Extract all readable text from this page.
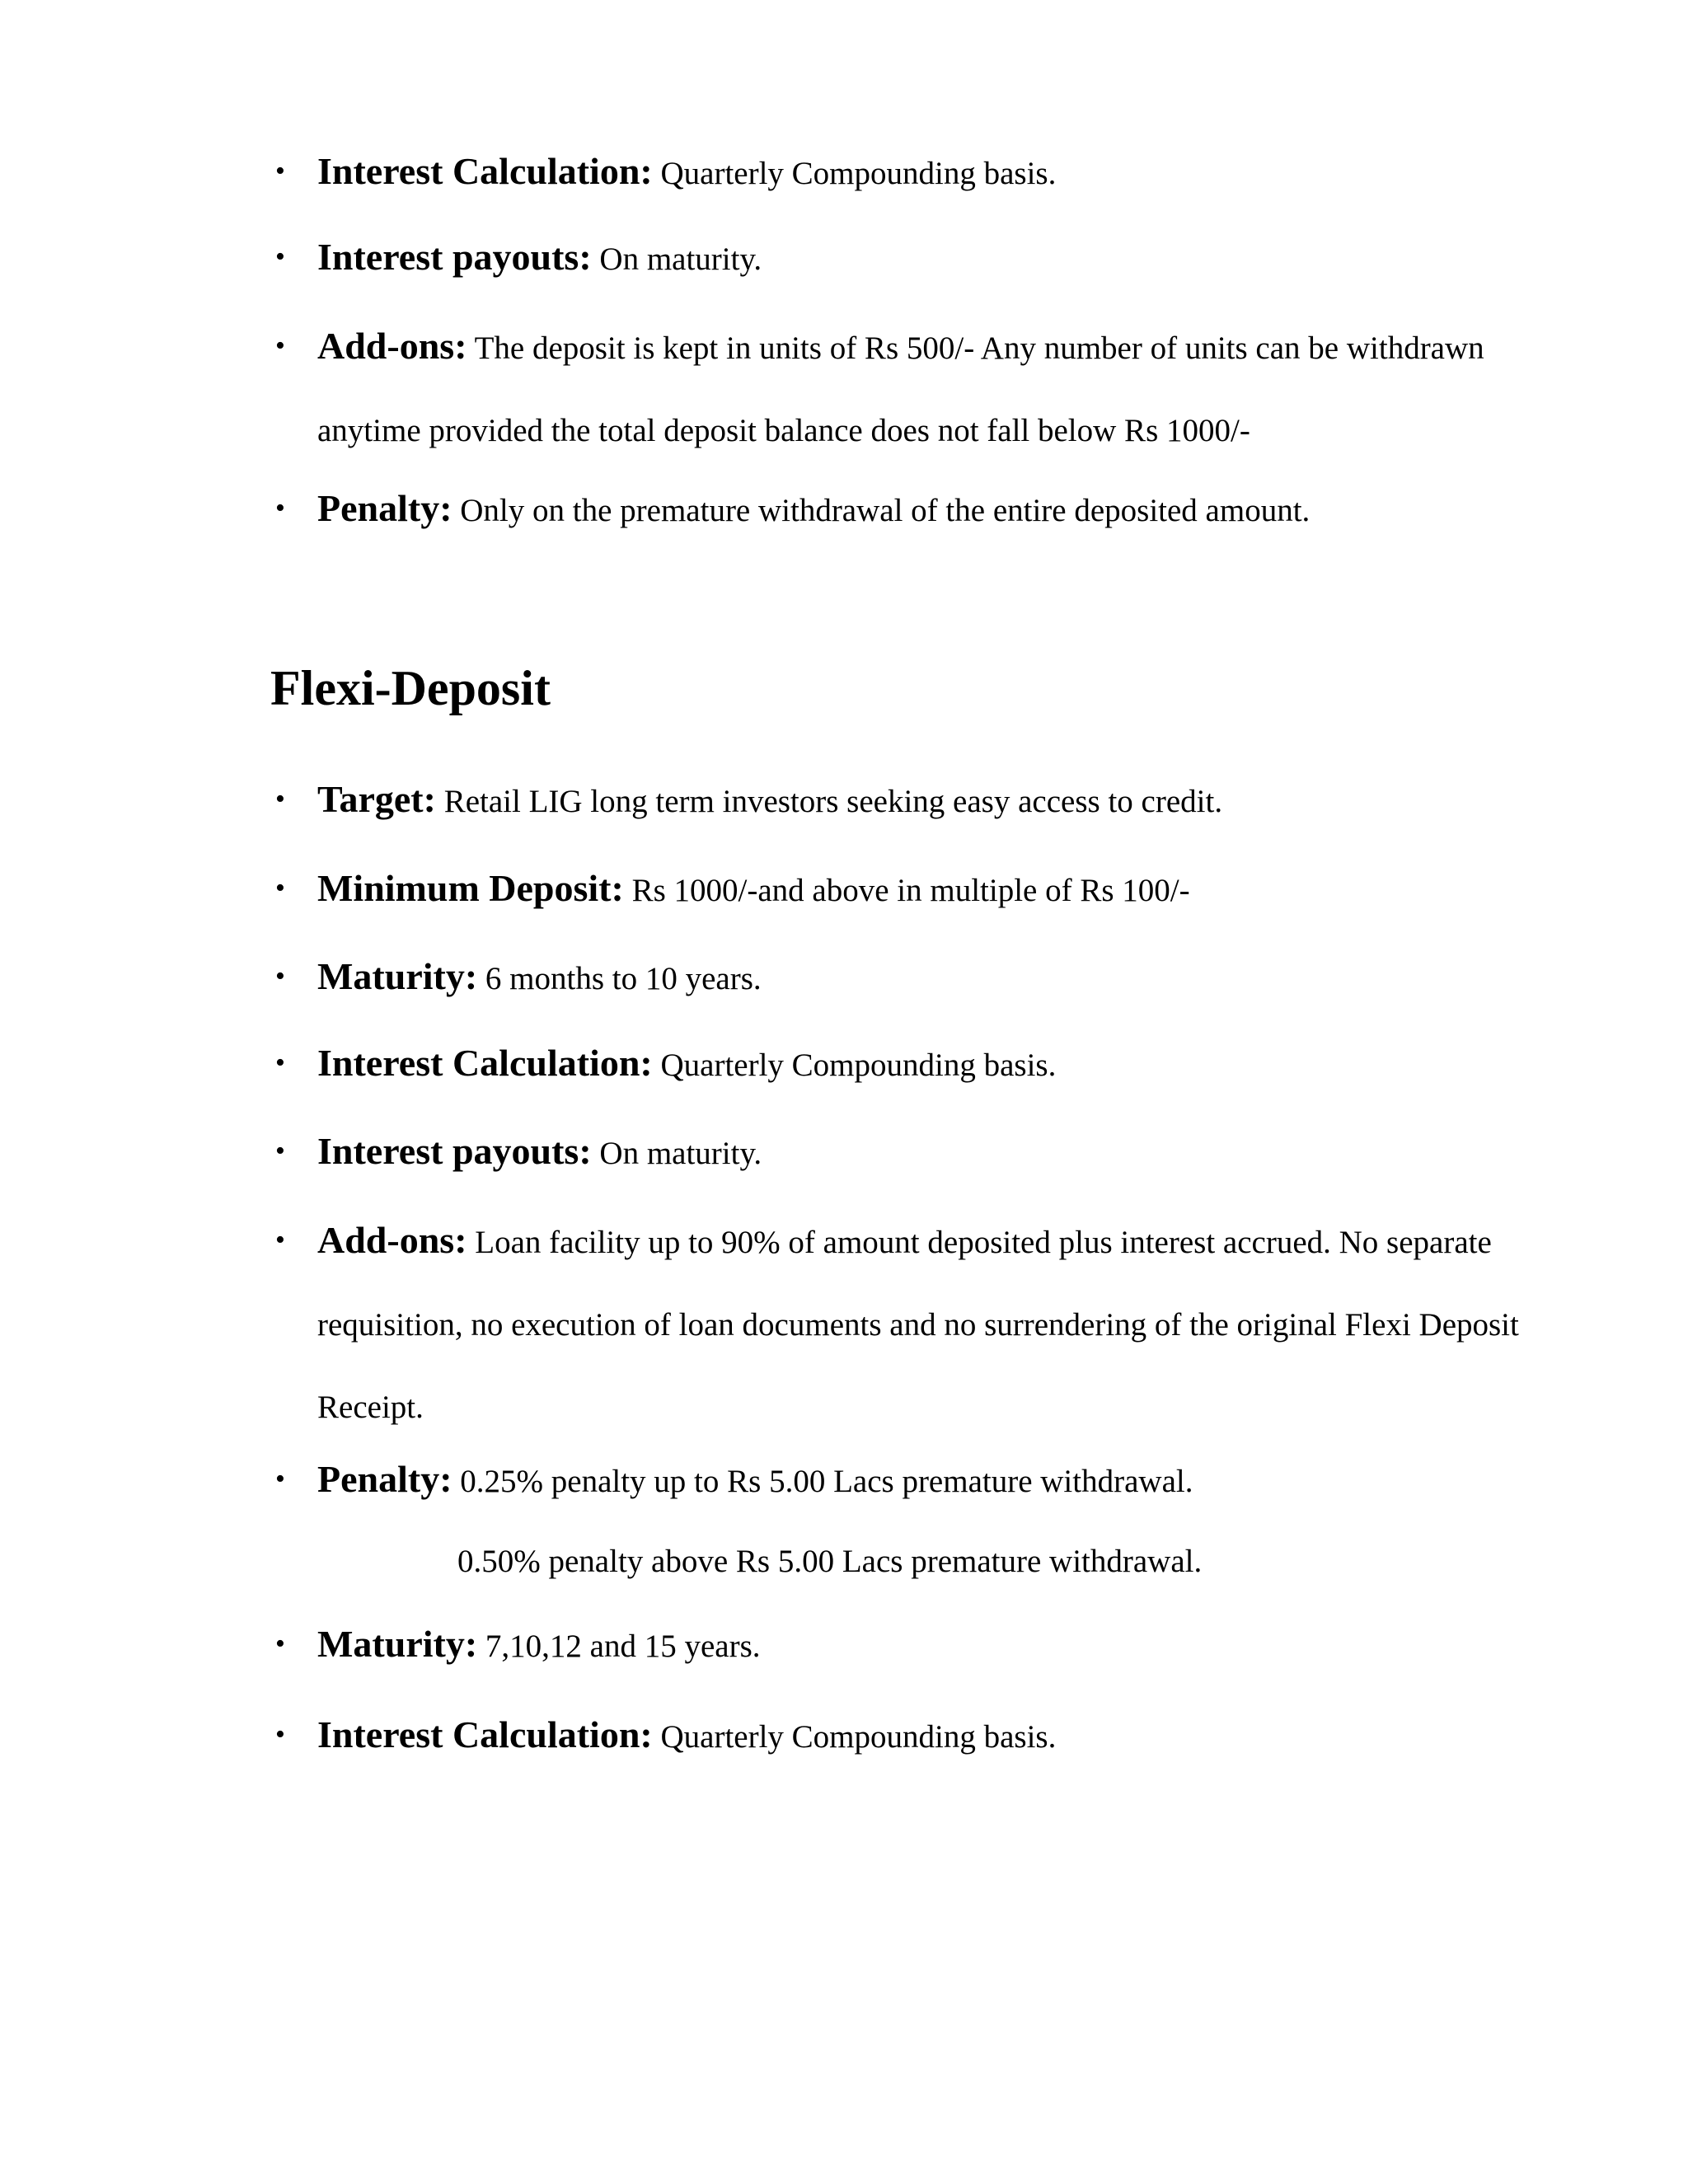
• Interest Calculation: Quarterly Compounding basis.
• Interest payouts: On maturity.
• Add-ons: The deposit is kept in units of Rs 500/- Any number of units can be withdrawn anytime provided the total deposit balance does not fall below Rs 1000/-
• Penalty: Only on the premature withdrawal of the entire deposited amount.
Flexi-Deposit
• Target: Retail LIG long term investors seeking easy access to credit.
• Minimum Deposit: Rs 1000/-and above in multiple of Rs 100/-
• Maturity: 6 months to 10 years.
• Interest Calculation: Quarterly Compounding basis.
• Interest payouts: On maturity.
• Add-ons: Loan facility up to 90% of amount deposited plus interest accrued. No separate requisition, no execution of loan documents and no surrendering of the original Flexi Deposit Receipt.
• Penalty: 0.25% penalty up to Rs 5.00 Lacs premature withdrawal.
0.50% penalty above Rs 5.00 Lacs premature withdrawal.
• Maturity: 7,10,12 and 15 years.
• Interest Calculation: Quarterly Compounding basis.
